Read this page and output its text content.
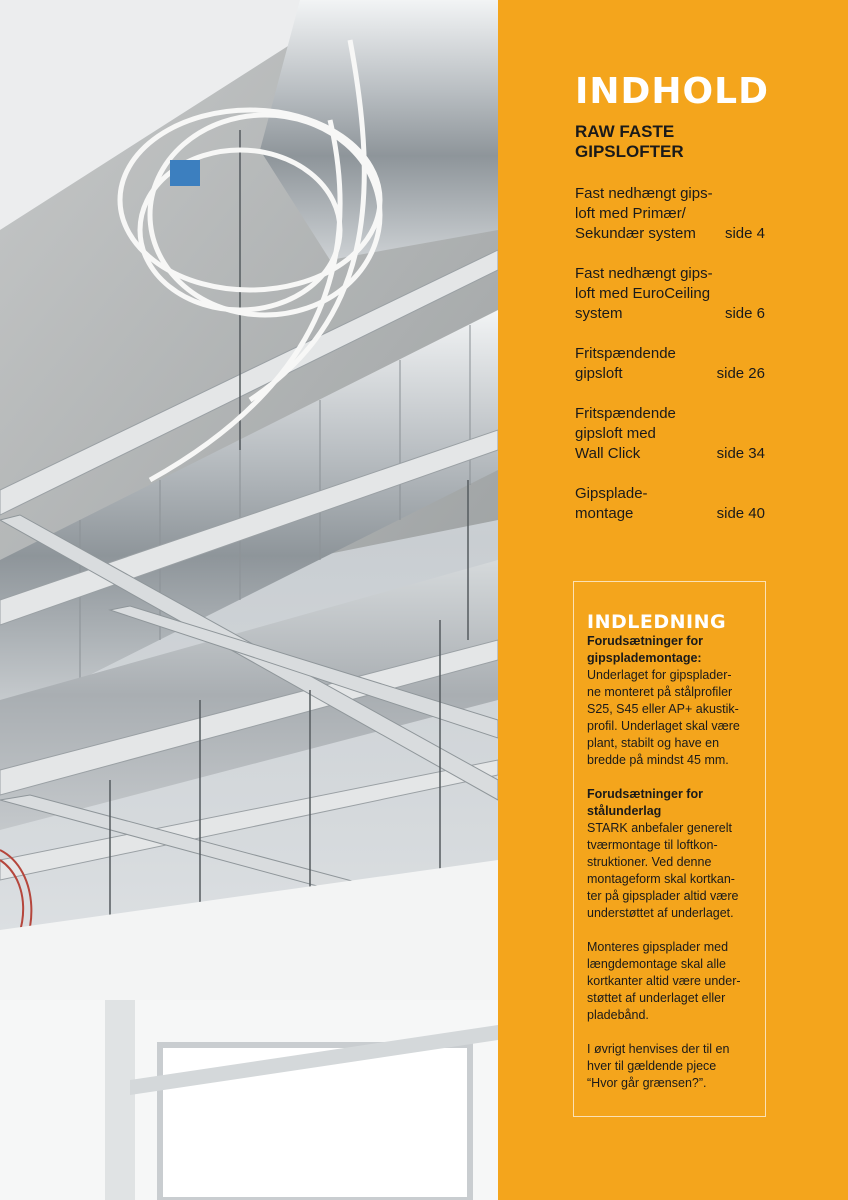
INDHOLD
RAW FASTE
GIPSLOFTER
Fast nedhængt gips-
loft med Primær/
Sekundær system	side 4
Fast nedhængt gips-
loft med EuroCeiling
system	side 6
Fritspændende
gipsloft	side 26
Fritspændende
gipsloft med
Wall Click	side 34
Gipsplade-
montage	side 40
INDLEDNING

Forudsætninger for
gipsplademontage:
Underlaget for gipsplader-
ne monteret på stålprofiler
S25, S45 eller AP+ akustik-
profil. Underlaget skal være
plant, stabilt og have en
bredde på mindst 45 mm.

Forudsætninger for
stålunderlag
STARK anbefaler generelt
tværmontage til loftkon-
struktioner. Ved denne
montageform skal kortkan-
ter på gipsplader altid være
understøttet af underlaget.

Monteres gipsplader med
længdemontage skal alle
kortkanter altid være under-
støttet af underlaget eller
pladebånd.

I øvrigt henvises der til en
hver til gældende pjece
“Hvor går grænsen?”.
